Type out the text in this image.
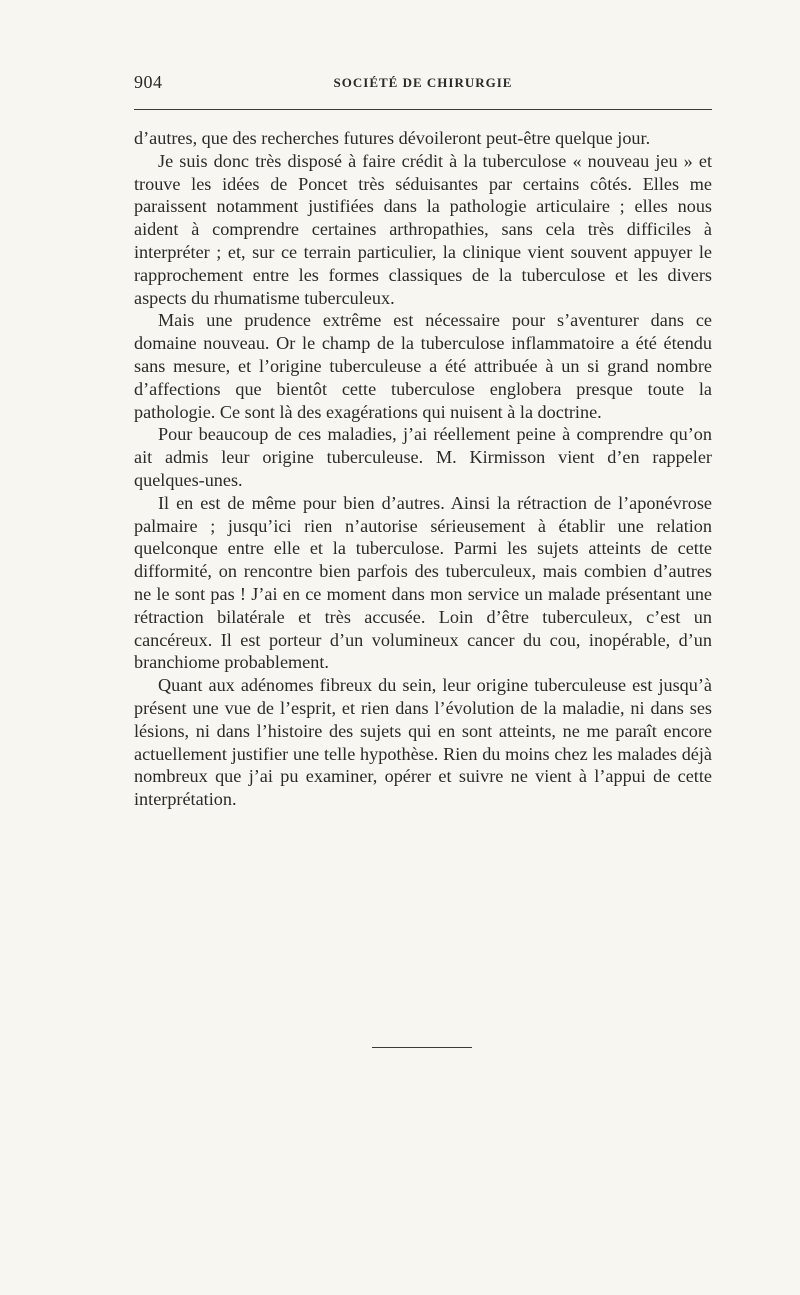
904	SOCIÉTÉ DE CHIRURGIE

d’autres, que des recherches futures dévoileront peut-être quelque jour.

Je suis donc très disposé à faire crédit à la tuberculose « nouveau jeu » et trouve les idées de Poncet très séduisantes par certains côtés. Elles me paraissent notamment justifiées dans la pathologie articulaire ; elles nous aident à comprendre certaines arthropathies, sans cela très difficiles à interpréter ; et, sur ce terrain particulier, la clinique vient souvent appuyer le rapprochement entre les formes classiques de la tuberculose et les divers aspects du rhumatisme tuberculeux.

Mais une prudence extrême est nécessaire pour s’aventurer dans ce domaine nouveau. Or le champ de la tuberculose inflammatoire a été étendu sans mesure, et l’origine tuberculeuse a été attribuée à un si grand nombre d’affections que bientôt cette tuberculose englobera presque toute la pathologie. Ce sont là des exagérations qui nuisent à la doctrine.

Pour beaucoup de ces maladies, j’ai réellement peine à comprendre qu’on ait admis leur origine tuberculeuse. M. Kirmisson vient d’en rappeler quelques-unes.

Il en est de même pour bien d’autres. Ainsi la rétraction de l’aponévrose palmaire ; jusqu’ici rien n’autorise sérieusement à établir une relation quelconque entre elle et la tuberculose. Parmi les sujets atteints de cette difformité, on rencontre bien parfois des tuberculeux, mais combien d’autres ne le sont pas ! J’ai en ce moment dans mon service un malade présentant une rétraction bilatérale et très accusée. Loin d’être tuberculeux, c’est un cancéreux. Il est porteur d’un volumineux cancer du cou, inopérable, d’un branchiome probablement.

Quant aux adénomes fibreux du sein, leur origine tuberculeuse est jusqu’à présent une vue de l’esprit, et rien dans l’évolution de la maladie, ni dans ses lésions, ni dans l’histoire des sujets qui en sont atteints, ne me paraît encore actuellement justifier une telle hypothèse. Rien du moins chez les malades déjà nombreux que j’ai pu examiner, opérer et suivre ne vient à l’appui de cette interprétation.
